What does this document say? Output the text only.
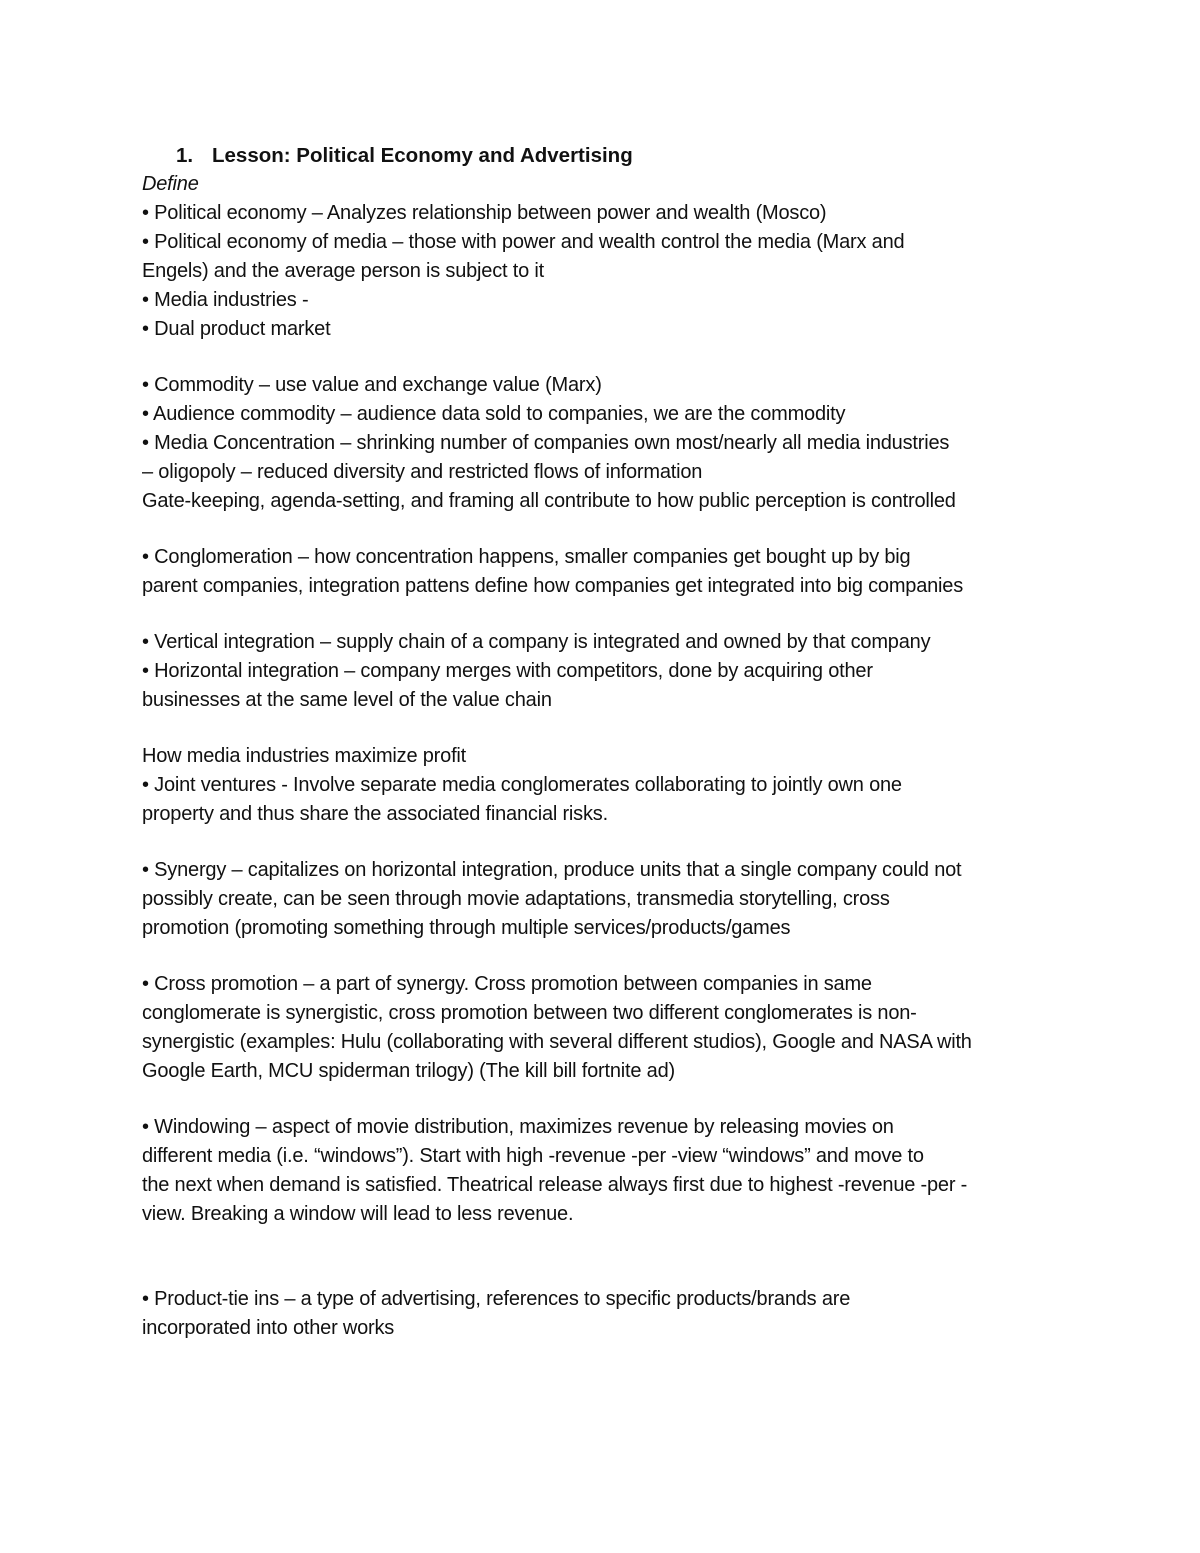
1. Lesson: Political Economy and Advertising
Define
• Political economy – Analyzes relationship between power and wealth (Mosco)
• Political economy of media – those with power and wealth control the media (Marx and
Engels) and the average person is subject to it
• Media industries -
• Dual product market
• Commodity – use value and exchange value (Marx)
• Audience commodity – audience data sold to companies, we are the commodity
• Media Concentration – shrinking number of companies own most/nearly all media industries
– oligopoly – reduced diversity and restricted flows of information
Gate-keeping, agenda-setting, and framing all contribute to how public perception is controlled
• Conglomeration – how concentration happens, smaller companies get bought up by big
parent companies, integration pattens define how companies get integrated into big companies
• Vertical integration – supply chain of a company is integrated and owned by that company
• Horizontal integration – company merges with competitors, done by acquiring other
businesses at the same level of the value chain
How media industries maximize profit
• Joint ventures - Involve separate media conglomerates collaborating to jointly own one
property and thus share the associated financial risks.
• Synergy – capitalizes on horizontal integration, produce units that a single company could not
possibly create, can be seen through movie adaptations, transmedia storytelling, cross
promotion (promoting something through multiple services/products/games
• Cross promotion – a part of synergy. Cross promotion between companies in same
conglomerate is synergistic, cross promotion between two different conglomerates is non-
synergistic (examples: Hulu (collaborating with several different studios), Google and NASA with
Google Earth, MCU spiderman trilogy) (The kill bill fortnite ad)
• Windowing – aspect of movie distribution, maximizes revenue by releasing movies on
different media (i.e. “windows”). Start with high -revenue -per -view “windows” and move to
the next when demand is satisfied. Theatrical release always first due to highest -revenue -per -
view. Breaking a window will lead to less revenue.
• Product-tie ins – a type of advertising, references to specific products/brands are
incorporated into other works
